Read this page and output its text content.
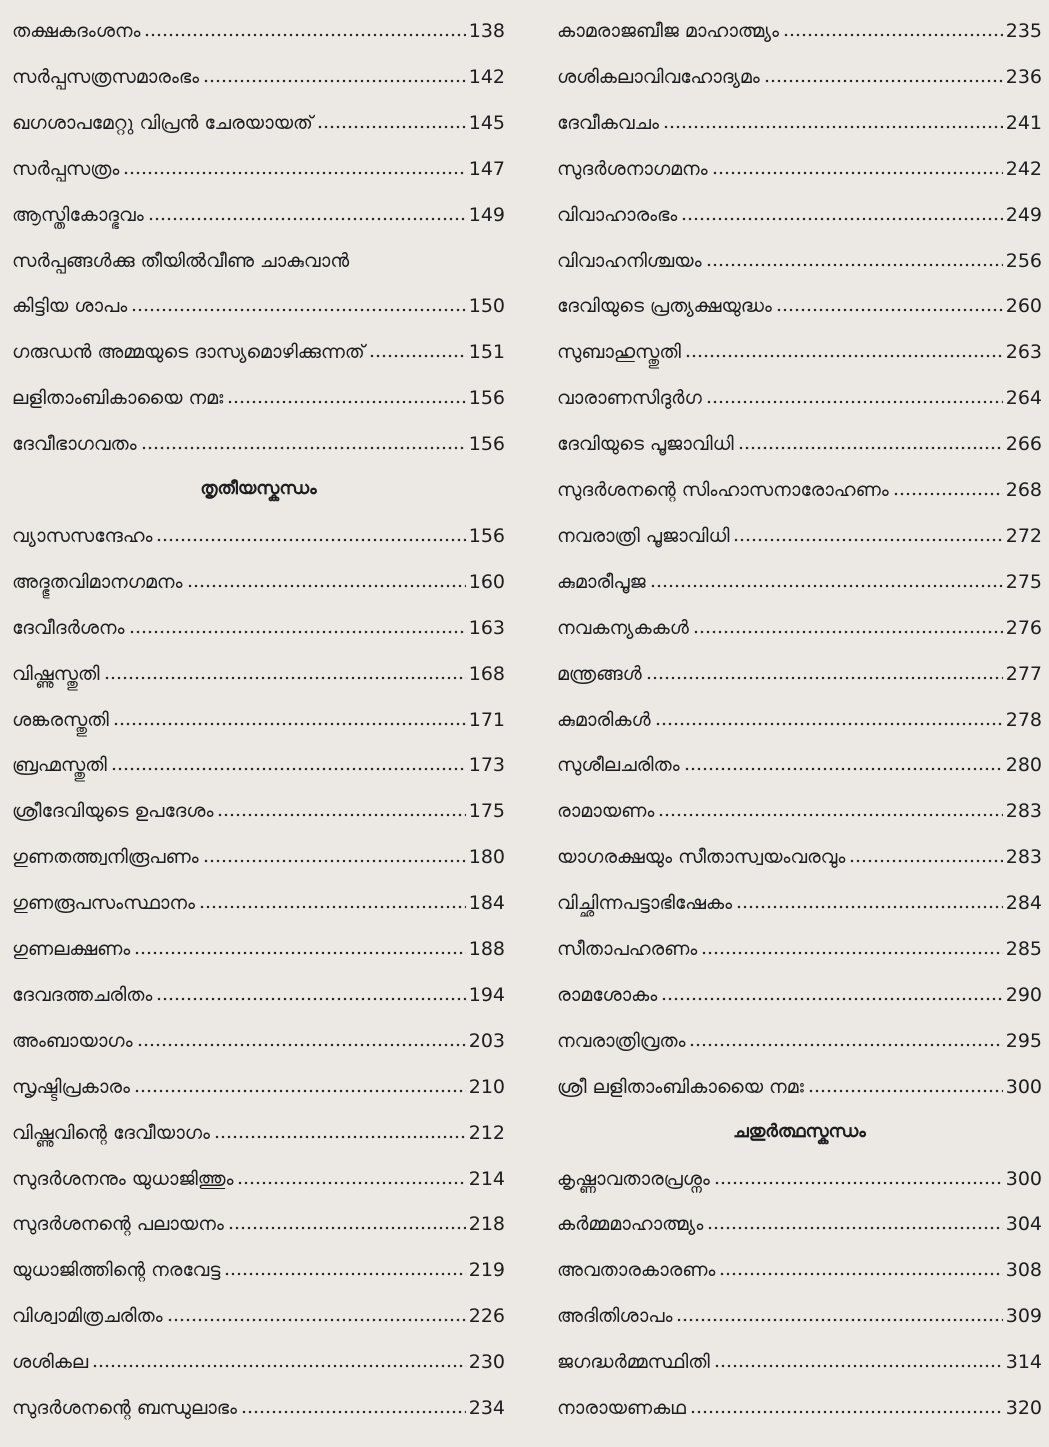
തക്ഷകദംശനം	138
സർപ്പസത്രസമാരംഭം	142
ഖഗശാപമേറ്റു വിപ്രൻ ചേരയായത്	145
സർപ്പസത്രം	147
ആസ്തികോദ്ഭവം	149
സർപ്പങ്ങൾക്കു തീയിൽവീണു ചാകുവാൻ
കിട്ടിയ ശാപം	150
ഗരുഡൻ അമ്മയുടെ ദാസ്യമൊഴിക്കുന്നത്	151
ലളിതാംബികായൈ നമഃ	156
ദേവീഭാഗവതം	156
തൃതീയസ്കന്ധം
വ്യാസസന്ദേഹം	156
അദ്ഭുതവിമാനഗമനം	160
ദേവീദർശനം	163
വിഷ്ണുസ്തുതി	168
ശങ്കരസ്തുതി	171
ബ്രഹ്മസ്തുതി	173
ശ്രീദേവിയുടെ ഉപദേശം	175
ഗുണതത്ത്വനിരൂപണം	180
ഗുണരൂപസംസ്ഥാനം	184
ഗുണലക്ഷണം	188
ദേവദത്തചരിതം	194
അംബായാഗം	203
സൃഷ്ടിപ്രകാരം	210
വിഷ്ണുവിന്റെ ദേവീയാഗം	212
സുദർശനനും യുധാജിത്തും	214
സുദർശനന്റെ പലായനം	218
യുധാജിത്തിന്റെ നരവേട്ട	219
വിശ്വാമിത്രചരിതം	226
ശശികല	230
സുദർശനന്റെ ബന്ധുലാഭം	234
കാമരാജബീജ മാഹാത്മ്യം	235
ശശികലാവിവഹോദ്യമം	236
ദേവീകവചം	241
സുദർശനാഗമനം	242
വിവാഹാരംഭം	249
വിവാഹനിശ്ചയം	256
ദേവിയുടെ പ്രത്യക്ഷയുദ്ധം	260
സുബാഹുസ്തുതി	263
വാരാണസിദുർഗ	264
ദേവിയുടെ പൂജാവിധി	266
സുദർശനന്റെ സിംഹാസനാരോഹണം	268
നവരാത്രി പൂജാവിധി	272
കുമാരീപൂജ	275
നവകന്യകകൾ	276
മന്ത്രങ്ങൾ	277
കുമാരികൾ	278
സുശീലചരിതം	280
രാമായണം	283
യാഗരക്ഷയും സീതാസ്വയംവരവും	283
വിച്ഛിന്നപട്ടാഭിഷേകം	284
സീതാപഹരണം	285
രാമശോകം	290
നവരാത്രിവ്രതം	295
ശ്രീ ലളിതാംബികായൈ നമഃ	300
ചതുർത്ഥസ്കന്ധം
കൃഷ്ണാവതാരപ്രശ്നം	300
കർമ്മമാഹാത്മ്യം	304
അവതാരകാരണം	308
അദിതിശാപം	309
ജഗദ്ധർമ്മസ്ഥിതി	314
നാരായണകഥ	320
